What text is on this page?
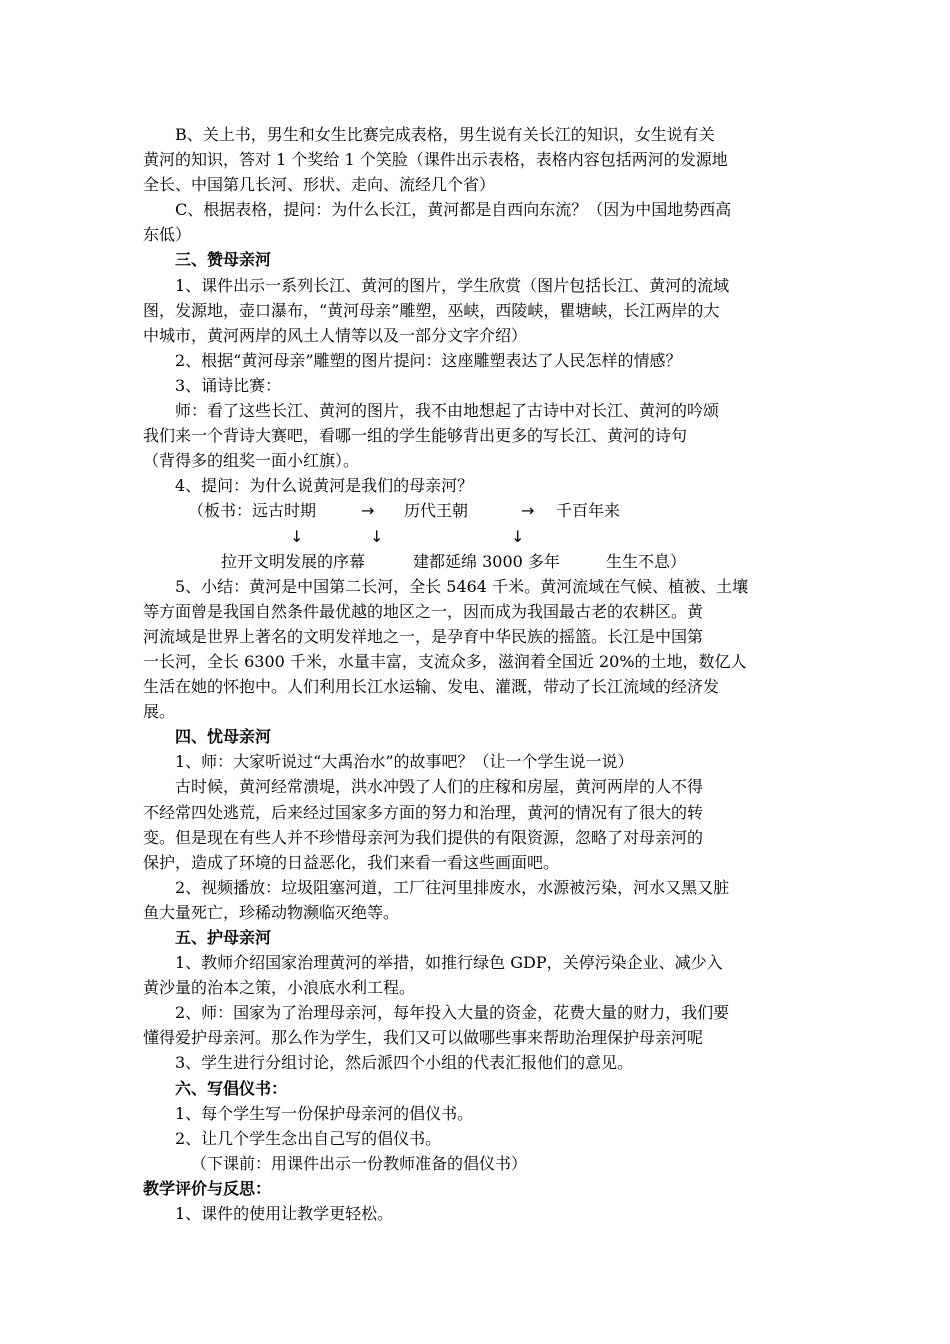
B、关上书，男生和女生比赛完成表格，男生说有关长江的知识，女生说有关

黄河的知识，答对 1 个奖给 1 个笑脸（课件出示表格，表格内容包括两河的发源地

全长、中国第几长河、形状、走向、流经几个省）

C、根据表格，提问：为什么长江，黄河都是自西向东流？（因为中国地势西高

东低）

三、赞母亲河

1、课件出示一系列长江、黄河的图片，学生欣赏（图片包括长江、黄河的流域

图，发源地，壶口瀑布，“黄河母亲”雕塑，巫峡，西陵峡，瞿塘峡，长江两岸的大

中城市，黄河两岸的风土人情等以及一部分文字介绍）

2、根据“黄河母亲”雕塑的图片提问：这座雕塑表达了人民怎样的情感？

3、诵诗比赛：

师：看了这些长江、黄河的图片，我不由地想起了古诗中对长江、黄河的吟颂

我们来一个背诗大赛吧，看哪一组的学生能够背出更多的写长江、黄河的诗句

（背得多的组奖一面小红旗）。

4、提问：为什么说黄河是我们的母亲河？

（板书：远古时期	→ 历代王朝	→ 千百年来
↓	↓	↓
拉开文明发展的序幕	建都延绵 3000 多年	生生不息）

5、小结：黄河是中国第二长河，全长 5464 千米。黄河流域在气候、植被、土壤

等方面曾是我国自然条件最优越的地区之一，因而成为我国最古老的农耕区。黄

河流域是世界上著名的文明发祥地之一，是孕育中华民族的摇篮。长江是中国第

一长河，全长 6300 千米，水量丰富，支流众多，滋润着全国近 20%的土地，数亿人

生活在她的怀抱中。人们利用长江水运输、发电、灌溉，带动了长江流域的经济发

展。

四、忧母亲河

1、师：大家听说过“大禹治水”的故事吧？（让一个学生说一说）

古时候，黄河经常溃堤，洪水冲毁了人们的庄稼和房屋，黄河两岸的人不得

不经常四处逃荒，后来经过国家多方面的努力和治理，黄河的情况有了很大的转

变。但是现在有些人并不珍惜母亲河为我们提供的有限资源，忽略了对母亲河的

保护，造成了环境的日益恶化，我们来看一看这些画面吧。

2、视频播放：垃圾阻塞河道，工厂往河里排废水，水源被污染，河水又黑又脏

鱼大量死亡，珍稀动物濒临灭绝等。

五、护母亲河

1、教师介绍国家治理黄河的举措，如推行绿色 GDP，关停污染企业、减少入

黄沙量的治本之策，小浪底水利工程。

2、师：国家为了治理母亲河，每年投入大量的资金，花费大量的财力，我们要

懂得爱护母亲河。那么作为学生，我们又可以做哪些事来帮助治理保护母亲河呢

3、学生进行分组讨论，然后派四个小组的代表汇报他们的意见。

六、写倡仪书：

1、每个学生写一份保护母亲河的倡仪书。

2、让几个学生念出自己写的倡仪书。

（下课前：用课件出示一份教师准备的倡仪书）

教学评价与反思：

1、课件的使用让教学更轻松。
